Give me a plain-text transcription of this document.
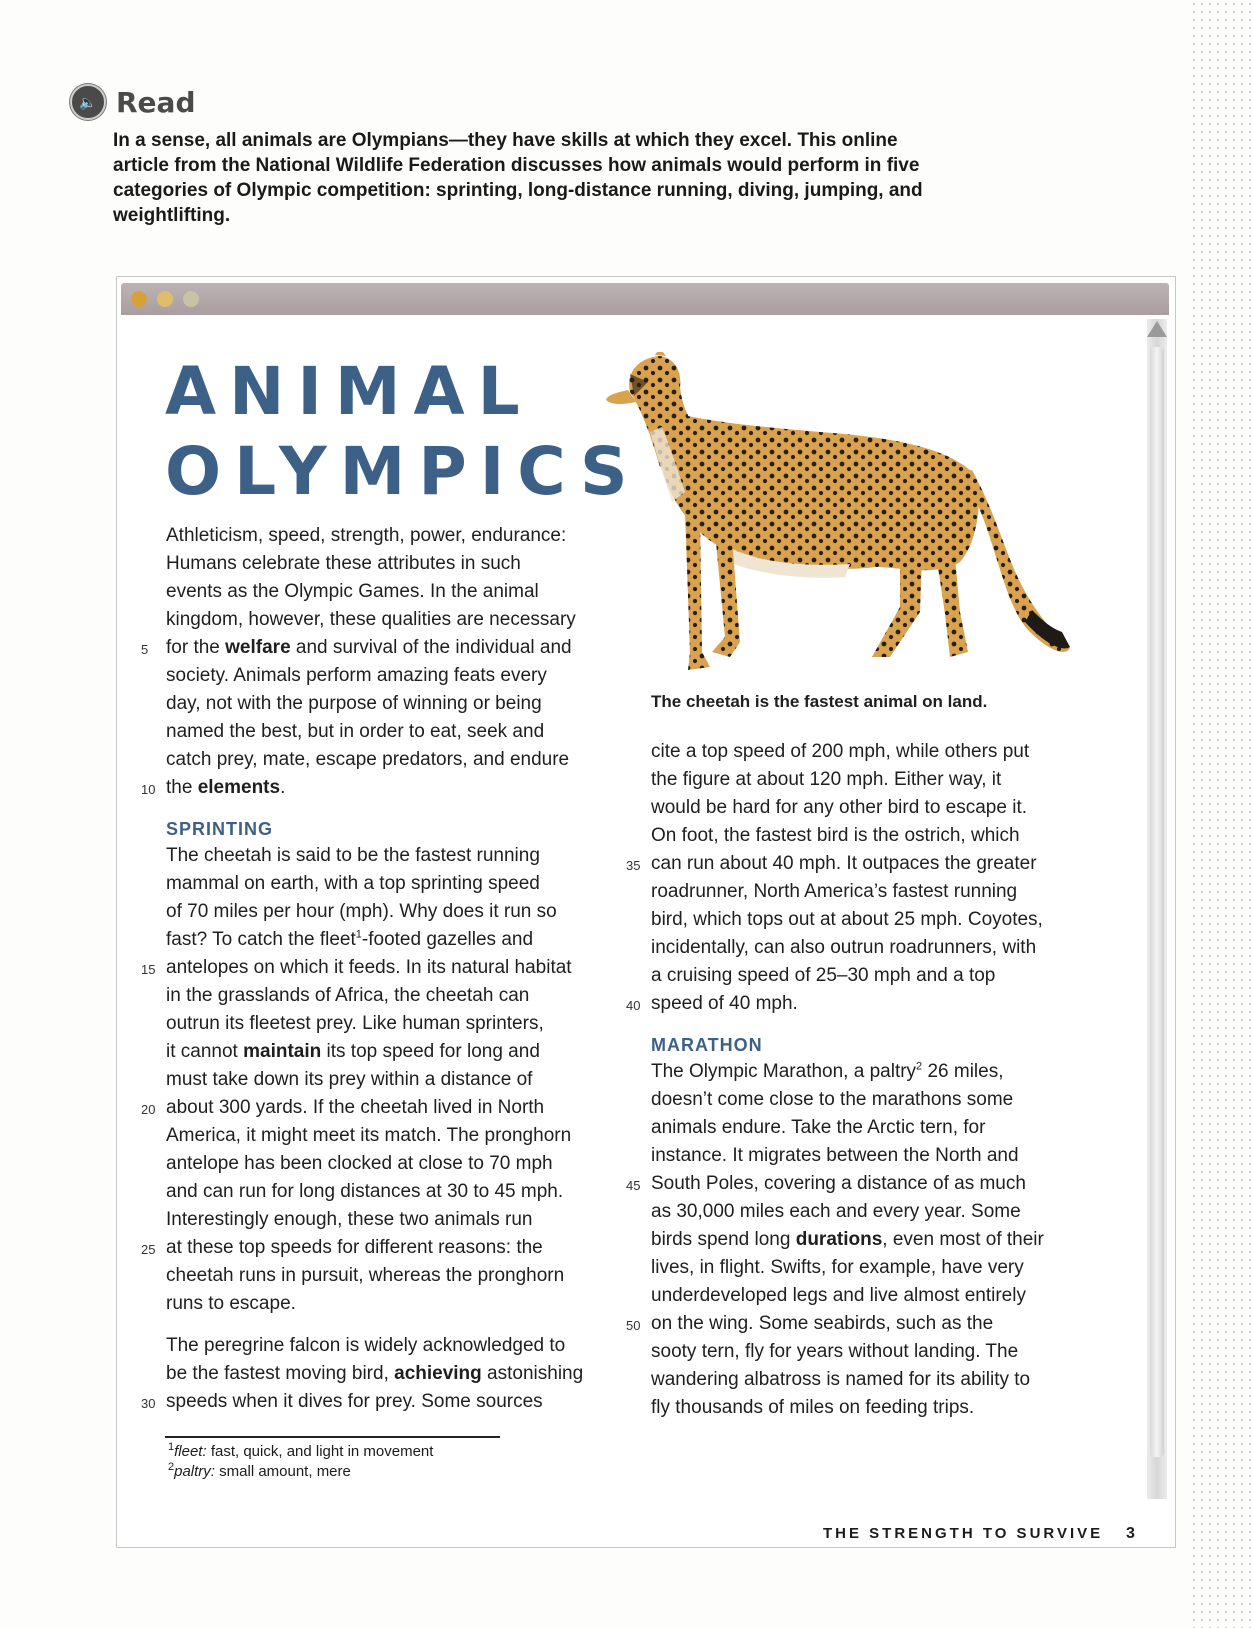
🔈 Read
In a sense, all animals are Olympians—they have skills at which they excel. This online article from the National Wildlife Federation discusses how animals would perform in five categories of Olympic competition: sprinting, long-distance running, diving, jumping, and weightlifting.
ANIMAL
OLYMPICS
The cheetah is the fastest animal on land.

Athleticism, speed, strength, power, endurance:

Humans celebrate these attributes in such

events as the Olympic Games. In the animal

kingdom, however, these qualities are necessary

for the welfare and survival of the individual and
5

society. Animals perform amazing feats every

day, not with the purpose of winning or being

named the best, but in order to eat, seek and

catch prey, mate, escape predators, and endure

the elements.
10

SPRINTING

The cheetah is said to be the fastest running

mammal on earth, with a top sprinting speed

of 70 miles per hour (mph). Why does it run so

fast? To catch the fleet$^1$-footed gazelles and

antelopes on which it feeds. In its natural habitat
15

in the grasslands of Africa, the cheetah can

outrun its fleetest prey. Like human sprinters,

it cannot maintain its top speed for long and

must take down its prey within a distance of

about 300 yards. If the cheetah lived in North
20

America, it might meet its match. The pronghorn

antelope has been clocked at close to 70 mph

and can run for long distances at 30 to 45 mph.

Interestingly enough, these two animals run

at these top speeds for different reasons: the
25

cheetah runs in pursuit, whereas the pronghorn

runs to escape.

The peregrine falcon is widely acknowledged to

be the fastest moving bird, achieving astonishing

speeds when it dives for prey. Some sources
30

cite a top speed of 200 mph, while others put

the figure at about 120 mph. Either way, it

would be hard for any other bird to escape it.

On foot, the fastest bird is the ostrich, which

can run about 40 mph. It outpaces the greater
35

roadrunner, North America’s fastest running

bird, which tops out at about 25 mph. Coyotes,

incidentally, can also outrun roadrunners, with

a cruising speed of 25–30 mph and a top

speed of 40 mph.
40

MARATHON

The Olympic Marathon, a paltry$^2$ 26 miles,

doesn’t come close to the marathons some

animals endure. Take the Arctic tern, for

instance. It migrates between the North and

South Poles, covering a distance of as much
45

as 30,000 miles each and every year. Some

birds spend long durations, even most of their

lives, in flight. Swifts, for example, have very

underdeveloped legs and live almost entirely

on the wing. Some seabirds, such as the
50

sooty tern, fly for years without landing. The

wandering albatross is named for its ability to

fly thousands of miles on feeding trips.

$^1$fleet: fast, quick, and light in movement
$^2$paltry: small amount, mere
THE STRENGTH TO SURVIVE 3
